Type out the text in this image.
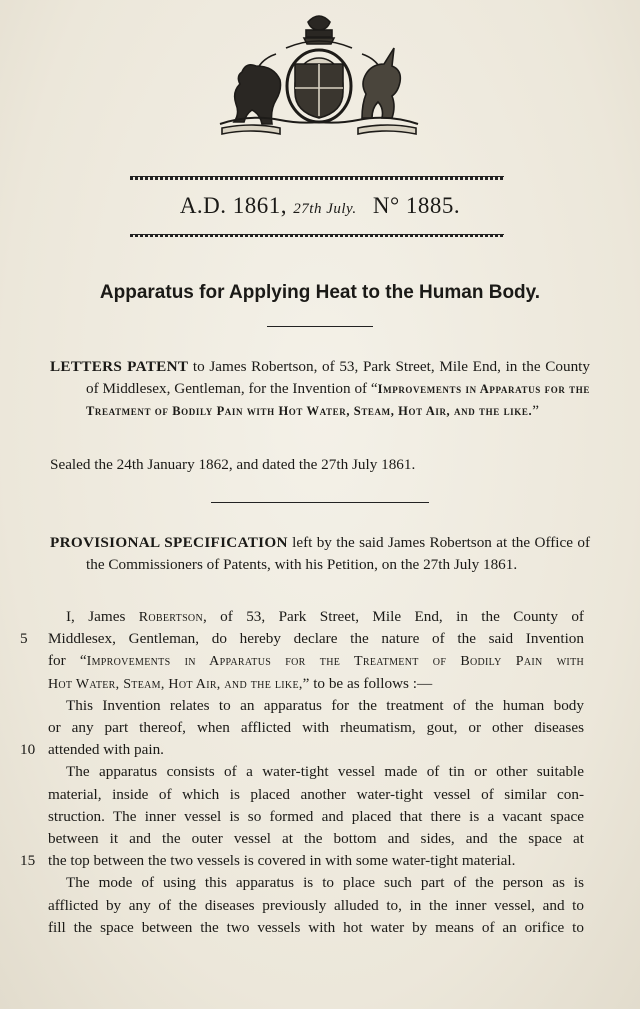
A.D. 1861, 27th July. N° 1885.
Apparatus for Applying Heat to the Human Body.
LETTERS PATENT to James Robertson, of 53, Park Street, Mile End, in the County of Middlesex, Gentleman, for the Invention of “Improvements in Apparatus for the Treatment of Bodily Pain with Hot Water, Steam, Hot Air, and the like.”
Sealed the 24th January 1862, and dated the 27th July 1861.
PROVISIONAL SPECIFICATION left by the said James Robertson at the Office of the Commissioners of Patents, with his Petition, on the 27th July 1861.
I, James Robertson, of 53, Park Street, Mile End, in the County of
5	Middlesex, Gentleman, do hereby declare the nature of the said Invention
for “Improvements in Apparatus for the Treatment of Bodily Pain with
Hot Water, Steam, Hot Air, and the like,” to be as follows :—
This Invention relates to an apparatus for the treatment of the human body
or any part thereof, when afflicted with rheumatism, gout, or other diseases
10 attended with pain.
The apparatus consists of a water-tight vessel made of tin or other suitable
material, inside of which is placed another water-tight vessel of similar con-
struction. The inner vessel is so formed and placed that there is a vacant space
between it and the outer vessel at the bottom and sides, and the space at
15 the top between the two vessels is covered in with some water-tight material.
The mode of using this apparatus is to place such part of the person as is
afflicted by any of the diseases previously alluded to, in the inner vessel, and to
fill the space between the two vessels with hot water by means of an orifice to
